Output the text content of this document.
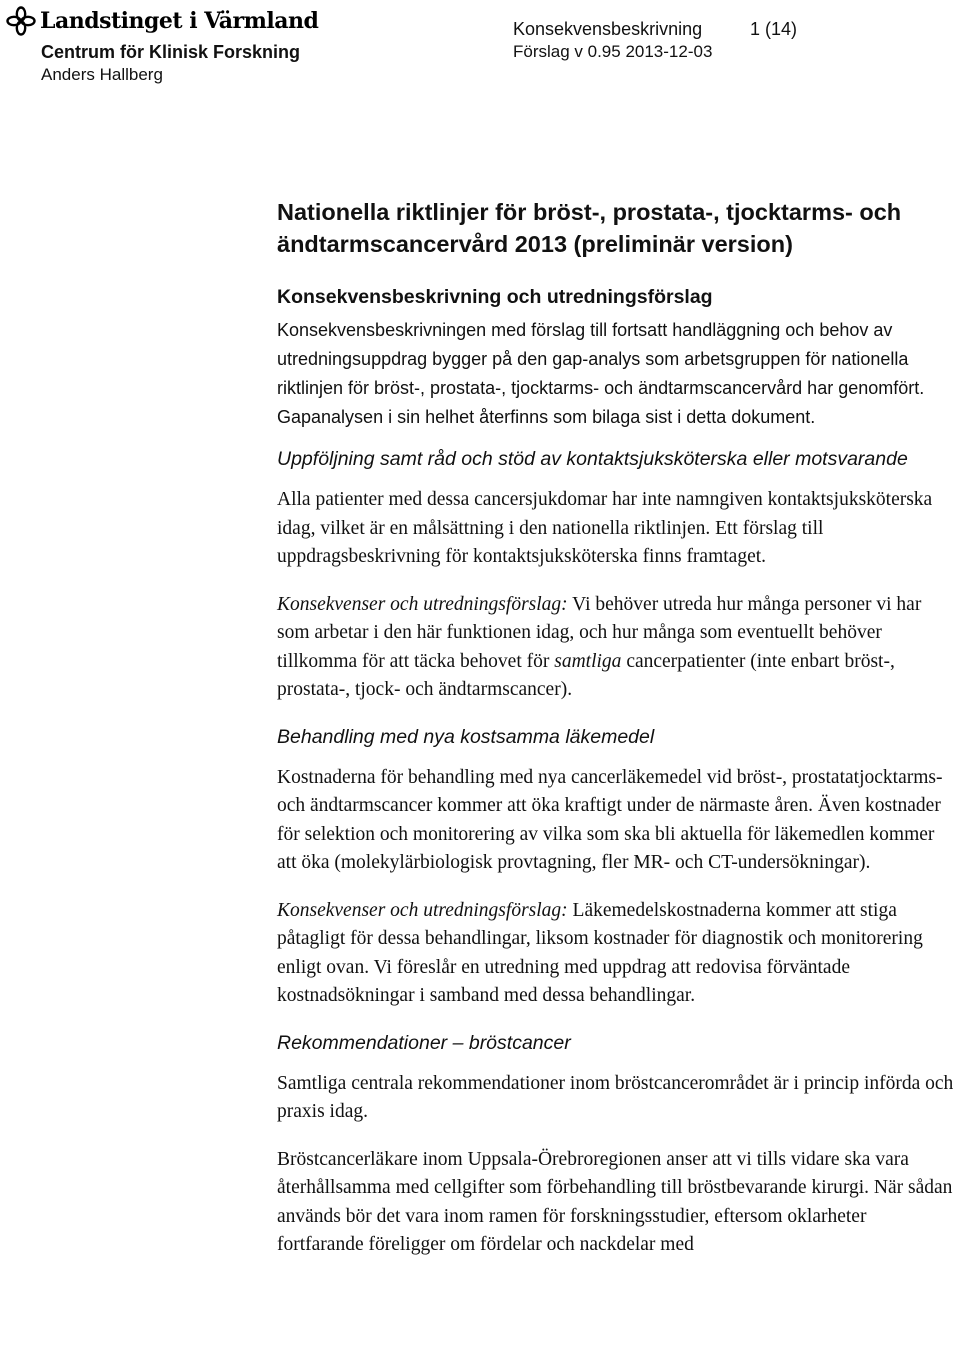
Landstinget i Värmland
Centrum för Klinisk Forskning
Anders Hallberg
Konsekvensbeskrivning	1 (14)
Förslag v 0.95 2013-12-03
Nationella riktlinjer för bröst-, prostata-, tjocktarms- och ändtarmscancervård 2013 (preliminär version)
Konsekvensbeskrivning och utredningsförslag

Konsekvensbeskrivningen med förslag till fortsatt handläggning och behov av utredningsuppdrag bygger på den gap-analys som arbetsgruppen för nationella riktlinjen för bröst-, prostata-, tjocktarms- och ändtarmscancervård har genomfört. Gapanalysen i sin helhet återfinns som bilaga sist i detta dokument.

Uppföljning samt råd och stöd av kontaktsjuksköterska eller motsvarande

Alla patienter med dessa cancersjukdomar har inte namngiven kontaktsjuksköterska idag, vilket är en målsättning i den nationella riktlinjen. Ett förslag till uppdragsbeskrivning för kontaktsjuksköterska finns framtaget.

Konsekvenser och utredningsförslag: Vi behöver utreda hur många personer vi har som arbetar i den här funktionen idag, och hur många som eventuellt behöver tillkomma för att täcka behovet för samtliga cancerpatienter (inte enbart bröst-, prostata-, tjock- och ändtarmscancer).

Behandling med nya kostsamma läkemedel

Kostnaderna för behandling med nya cancerläkemedel vid bröst-, prostatatjocktarms- och ändtarmscancer kommer att öka kraftigt under de närmaste åren. Även kostnader för selektion och monitorering av vilka som ska bli aktuella för läkemedlen kommer att öka (molekylärbiologisk provtagning, fler MR- och CT-undersökningar).

Konsekvenser och utredningsförslag: Läkemedelskostnaderna kommer att stiga påtagligt för dessa behandlingar, liksom kostnader för diagnostik och monitorering enligt ovan. Vi föreslår en utredning med uppdrag att redovisa förväntade kostnadsökningar i samband med dessa behandlingar.

Rekommendationer – bröstcancer

Samtliga centrala rekommendationer inom bröstcancerområdet är i princip införda och praxis idag.

Bröstcancerläkare inom Uppsala-Örebroregionen anser att vi tills vidare ska vara återhållsamma med cellgifter som förbehandling till bröstbevarande kirurgi. När sådan används bör det vara inom ramen för forskningsstudier, eftersom oklarheter fortfarande föreligger om fördelar och nackdelar med
